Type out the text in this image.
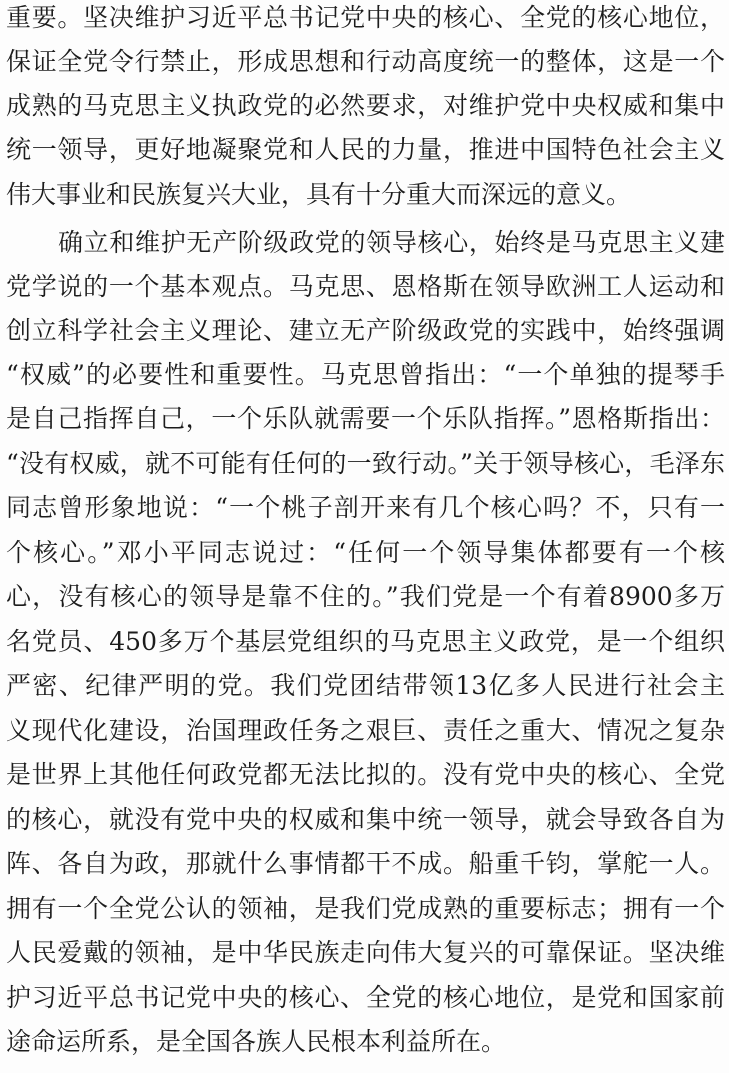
重要。坚决维护习近平总书记党中央的核心、全党的核心地位，
保证全党令行禁止，形成思想和行动高度统一的整体，这是一个
成熟的马克思主义执政党的必然要求，对维护党中央权威和集中
统一领导，更好地凝聚党和人民的力量，推进中国特色社会主义
伟大事业和民族复兴大业，具有十分重大而深远的意义。
确立和维护无产阶级政党的领导核心，始终是马克思主义建
党学说的一个基本观点。马克思、恩格斯在领导欧洲工人运动和
创立科学社会主义理论、建立无产阶级政党的实践中，始终强调
“权威”的必要性和重要性。马克思曾指出：“一个单独的提琴手
是自己指挥自己，一个乐队就需要一个乐队指挥。”恩格斯指出：
“没有权威，就不可能有任何的一致行动。”关于领导核心，毛泽东
同志曾形象地说：“一个桃子剖开来有几个核心吗？不，只有一
个核心。”邓小平同志说过：“任何一个领导集体都要有一个核
心，没有核心的领导是靠不住的。”我们党是一个有着8900多万
名党员、450多万个基层党组织的马克思主义政党，是一个组织
严密、纪律严明的党。我们党团结带领13亿多人民进行社会主
义现代化建设，治国理政任务之艰巨、责任之重大、情况之复杂
是世界上其他任何政党都无法比拟的。没有党中央的核心、全党
的核心，就没有党中央的权威和集中统一领导，就会导致各自为
阵、各自为政，那就什么事情都干不成。船重千钧，掌舵一人。
拥有一个全党公认的领袖，是我们党成熟的重要标志；拥有一个
人民爱戴的领袖，是中华民族走向伟大复兴的可靠保证。坚决维
护习近平总书记党中央的核心、全党的核心地位，是党和国家前
途命运所系，是全国各族人民根本利益所在。
